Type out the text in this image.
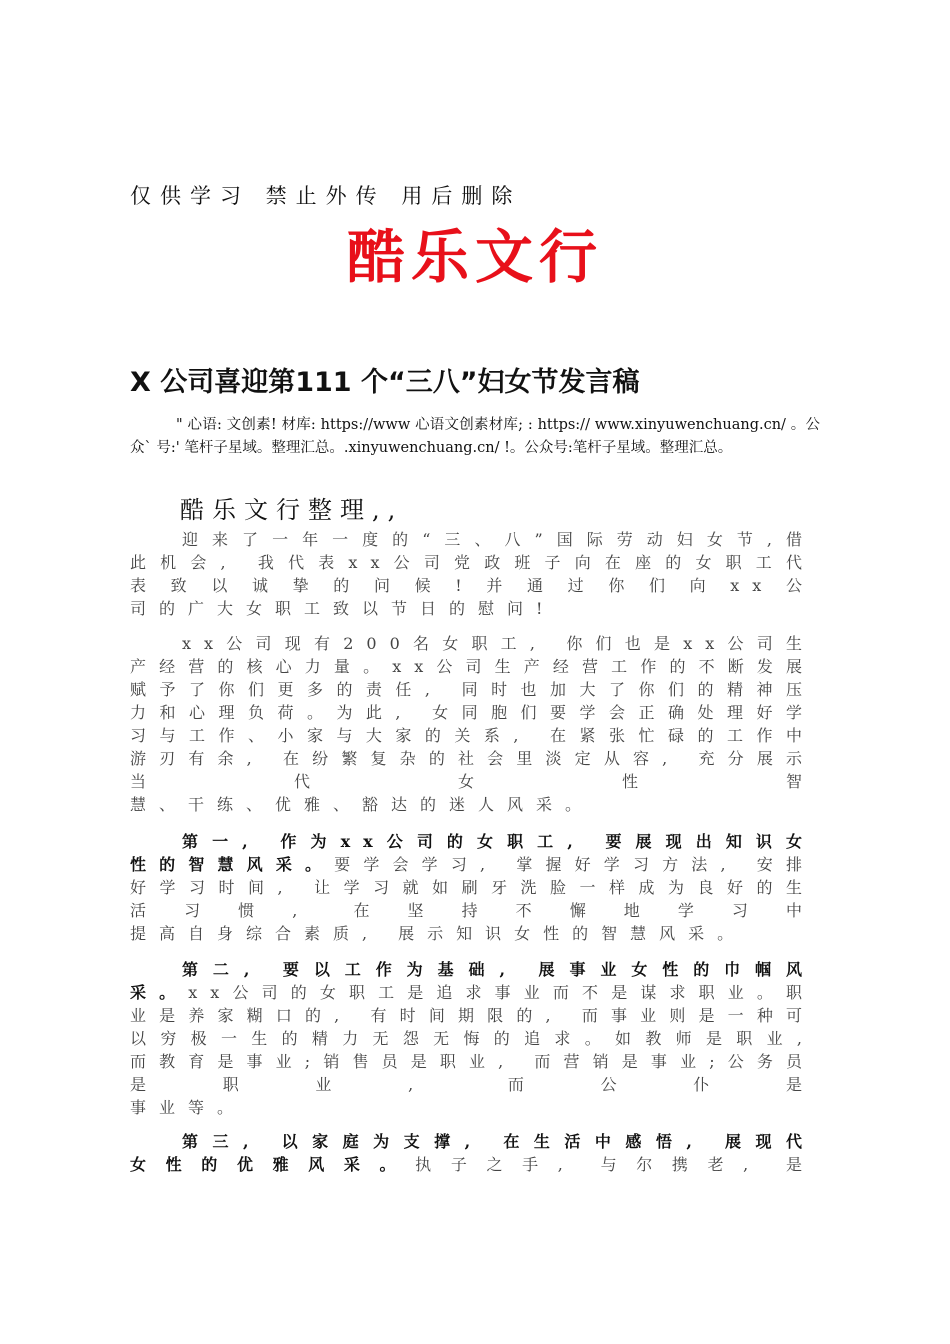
仅供学习 禁止外传 用后删除
酷乐文行
X 公司喜迎第111 个“三八”妇女节发言稿
" 心语: 文创素! 材库: https://www 心语文创素材库; : https:// www.xinyuwenchuang.cn/ 。公众` 号:' 笔杆子星域。整理汇总。.xinyuwenchuang.cn/ !。公众号:笔杆子星域。整理汇总。
酷乐文行整理,,
迎来了一年一度的“三、八”国际劳动妇女节,借此机会, 我代表xx公司党政班子向在座的女职工代表致以诚挚的问候!并通过你们向xx公
司的广大女职工致以节日的慰问!
xx公司现有200名女职工, 你们也是xx公司生产经营的核心力量。xx公司生产经营工作的不断发展赋予了你们更多的责任, 同时也加大了你们的精神压力和心理负荷。为此, 女同胞们要学会正确处理好学习与工作、小家与大家的关系, 在紧张忙碌的工作中游刃有余, 在纷繁复杂的社会里淡定从容, 充分展示当代女性智
慧、干练、优雅、豁达的迷人风采。
第一, 作为xx公司的女职工, 要展现出知识女性的智慧风采。要学会学习, 掌握好学习方法, 安排好学习时间, 让学习就如刷牙洗脸一样成为良好的生活习惯, 在坚持不懈地学习中
提高自身综合素质, 展示知识女性的智慧风采。
第二, 要以工作为基础, 展事业女性的巾帼风采。xx公司的女职工是追求事业而不是谋求职业。职业是养家糊口的, 有时间期限的, 而事业则是一种可以穷极一生的精力无怨无悔的追求。如教师是职业, 而教育是事业;销售员是职业, 而营销是事业;公务员是职业, 而公仆是
事业等。
第三, 以家庭为支撑, 在生活中感悟, 展现代女性的优雅风采。执子之手, 与尔携老, 是
